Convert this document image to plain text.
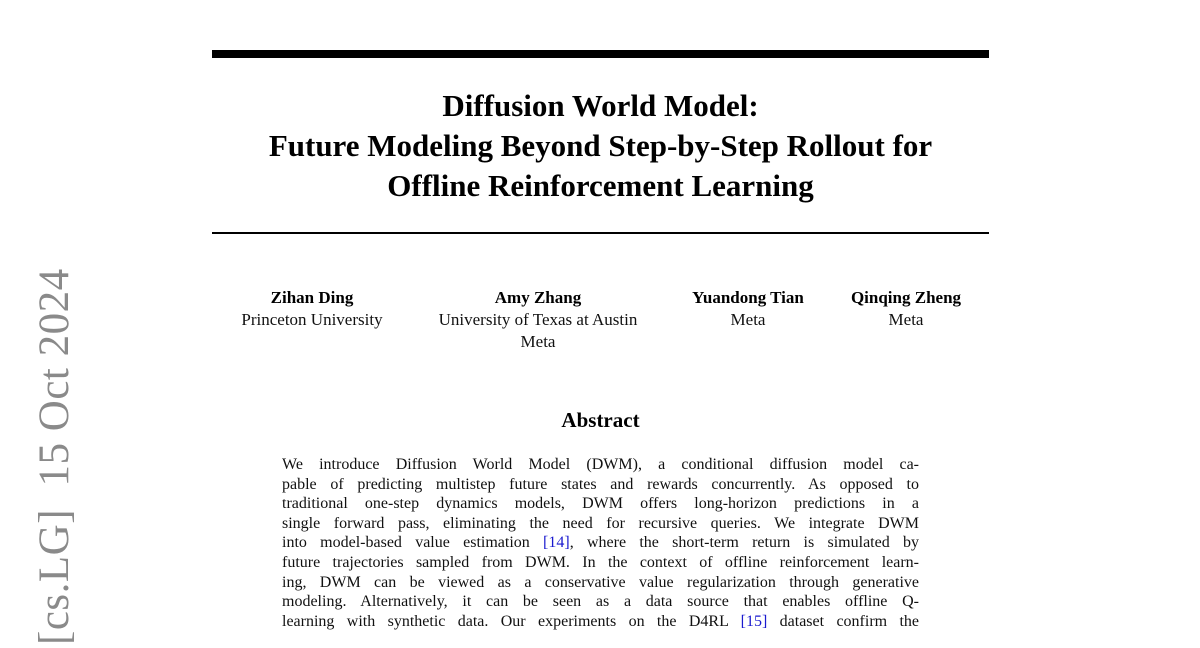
[cs.LG]  15 Oct 2024
Diffusion World Model:
Future Modeling Beyond Step-by-Step Rollout for
Offline Reinforcement Learning
Zihan Ding
Princeton University
Amy Zhang
University of Texas at Austin
Meta
Yuandong Tian
Meta
Qinqing Zheng
Meta
Abstract
We introduce Diffusion World Model (DWM), a conditional diffusion model ca-
pable of predicting multistep future states and rewards concurrently. As opposed to
traditional one-step dynamics models, DWM offers long-horizon predictions in a
single forward pass, eliminating the need for recursive queries. We integrate DWM
into model-based value estimation [14], where the short-term return is simulated by
future trajectories sampled from DWM. In the context of offline reinforcement learn-
ing, DWM can be viewed as a conservative value regularization through generative
modeling. Alternatively, it can be seen as a data source that enables offline Q-
learning with synthetic data. Our experiments on the D4RL [15] dataset confirm the
